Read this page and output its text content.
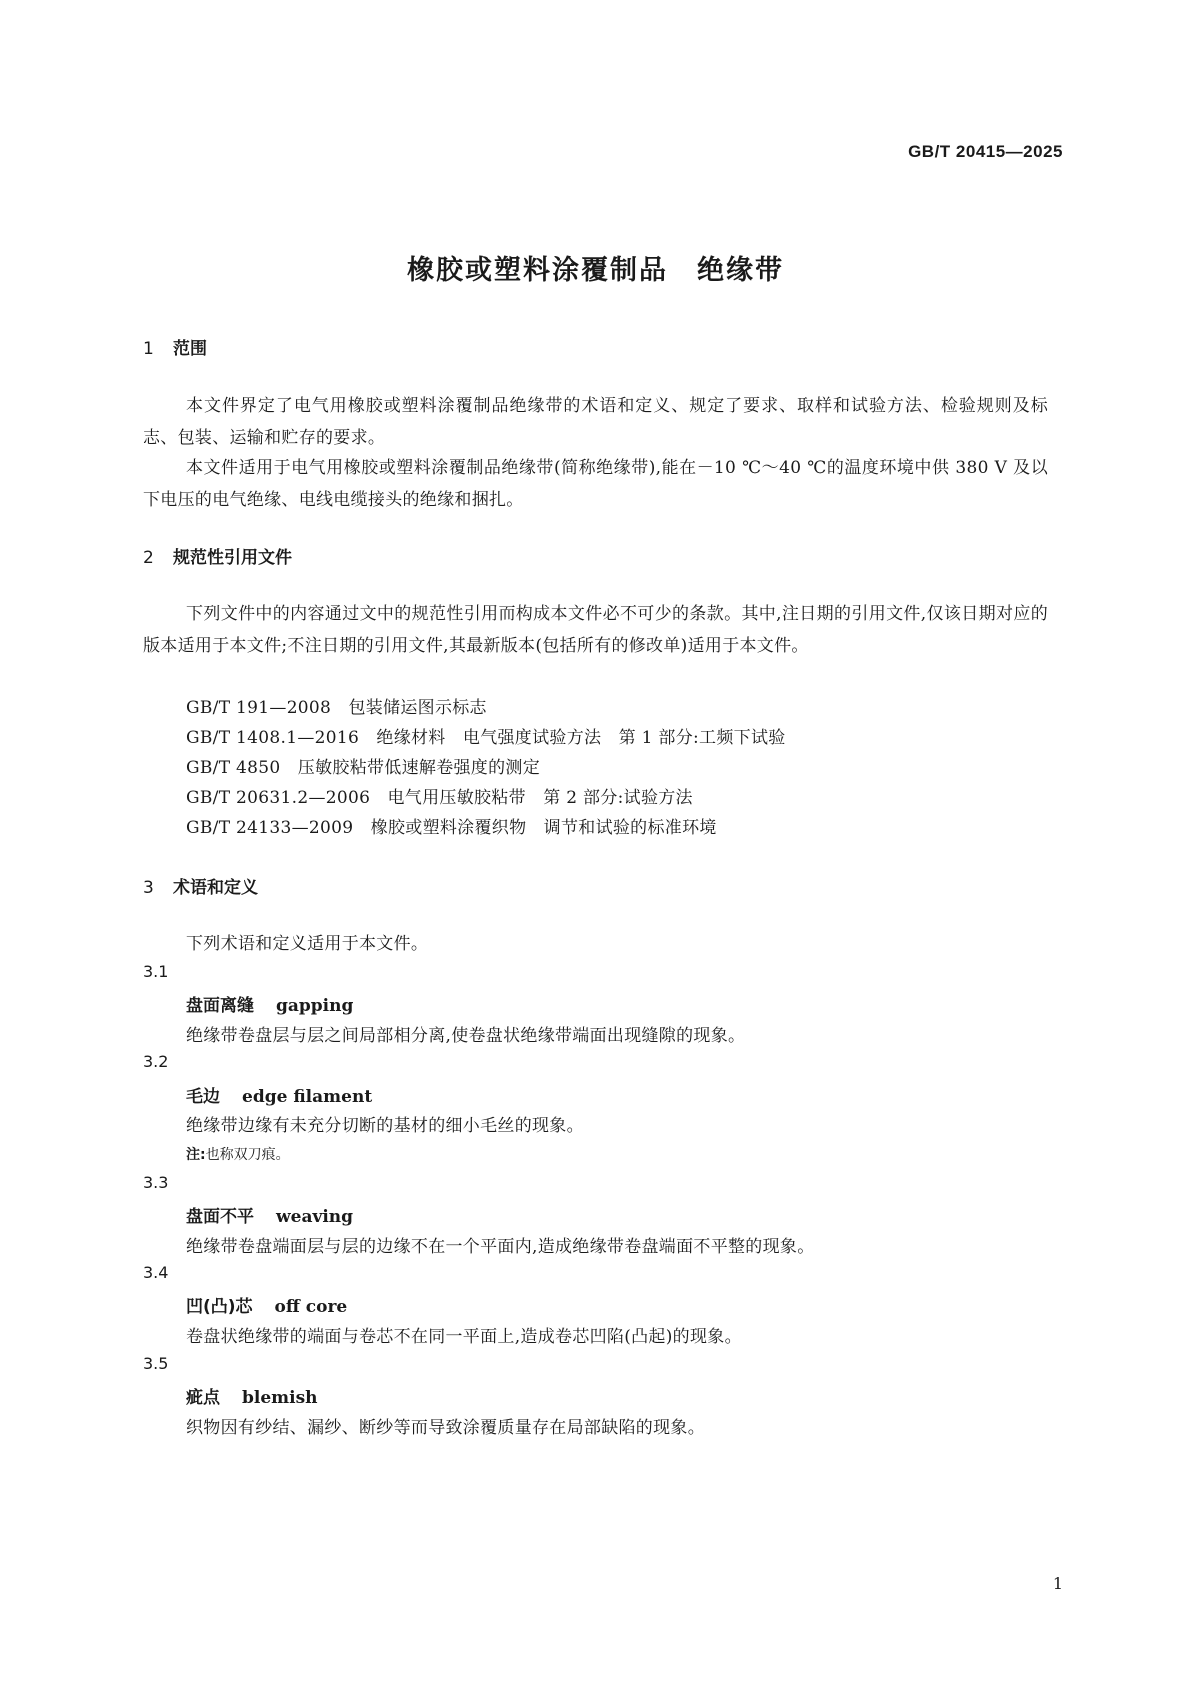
GB/T 20415—2025
橡胶或塑料涂覆制品　绝缘带
1 范围
本文件界定了电气用橡胶或塑料涂覆制品绝缘带的术语和定义、规定了要求、取样和试验方法、检验规则及标志、包装、运输和贮存的要求。
本文件适用于电气用橡胶或塑料涂覆制品绝缘带(简称绝缘带),能在－10 ℃～40 ℃的温度环境中供 380 V 及以下电压的电气绝缘、电线电缆接头的绝缘和捆扎。
2 规范性引用文件
下列文件中的内容通过文中的规范性引用而构成本文件必不可少的条款。其中,注日期的引用文件,仅该日期对应的版本适用于本文件;不注日期的引用文件,其最新版本(包括所有的修改单)适用于本文件。
GB/T 191—2008　包装储运图示标志
GB/T 1408.1—2016　绝缘材料　电气强度试验方法　第 1 部分:工频下试验
GB/T 4850　压敏胶粘带低速解卷强度的测定
GB/T 20631.2—2006　电气用压敏胶粘带　第 2 部分:试验方法
GB/T 24133—2009　橡胶或塑料涂覆织物　调节和试验的标准环境
3 术语和定义
下列术语和定义适用于本文件。
3.1
盘面离缝 gapping
绝缘带卷盘层与层之间局部相分离,使卷盘状绝缘带端面出现缝隙的现象。
3.2
毛边 edge filament
绝缘带边缘有未充分切断的基材的细小毛丝的现象。
注:也称双刀痕。
3.3
盘面不平 weaving
绝缘带卷盘端面层与层的边缘不在一个平面内,造成绝缘带卷盘端面不平整的现象。
3.4
凹(凸)芯 off core
卷盘状绝缘带的端面与卷芯不在同一平面上,造成卷芯凹陷(凸起)的现象。
3.5
疵点 blemish
织物因有纱结、漏纱、断纱等而导致涂覆质量存在局部缺陷的现象。
1
